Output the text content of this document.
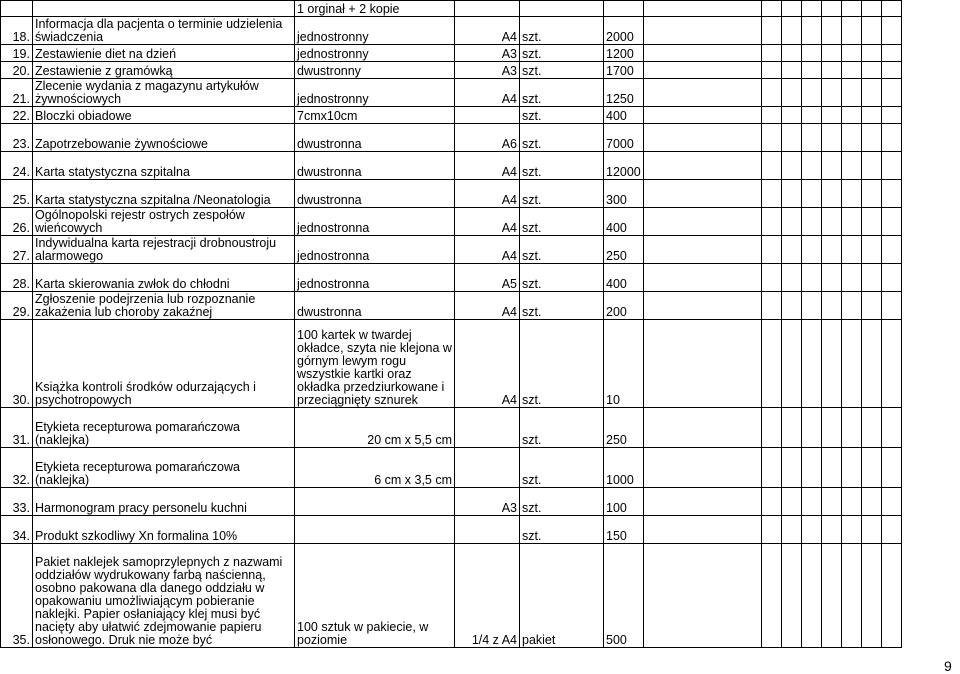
		1 orginał + 2 kopie													
18.	Informacja dla pacjenta o terminie udzielenia świadczenia	jednostronny	A4		szt.	2000									
19.	Zestawienie diet na dzień	jednostronny	A3		szt.	1200									
20.	Zestawienie z gramówką	dwustronny	A3		szt.	1700									
21.	Zlecenie wydania z magazynu artykułów żywnościowych	jednostronny	A4		szt.	1250									
22.	Bloczki obiadowe	7cmx10cm			szt.	400									
23.	Zapotrzebowanie żywnościowe	dwustronna	A6		szt.	7000									
24.	Karta statystyczna szpitalna	dwustronna	A4		szt.	12000									
25.	Karta statystyczna szpitalna /Neonatologia	dwustronna	A4		szt.	300									
26.	Ogólnopolski rejestr ostrych zespołów wieńcowych	jednostronna	A4		szt.	400									
27.	Indywidualna karta rejestracji drobnoustroju alarmowego	jednostronna	A4		szt.	250									
28.	Karta skierowania zwłok do chłodni	jednostronna	A5		szt.	400									
29.	Zgłoszenie podejrzenia lub rozpoznanie zakażenia lub choroby zakaźnej	dwustronna	A4		szt.	200									
30.	Książka kontroli środków odurzających i psychotropowych	100 kartek w twardej okładce, szyta nie klejona w górnym lewym rogu wszystkie kartki oraz okładka przedziurkowane i przeciągnięty sznurek	A4		szt.	10									
31.	Etykieta recepturowa pomarańczowa (naklejka)	20 cm x 5,5 cm			szt.	250									
32.	Etykieta recepturowa pomarańczowa (naklejka)	6 cm x 3,5 cm			szt.	1000									
33.	Harmonogram pracy personelu kuchni		A3		szt.	100									
34.	Produkt szkodliwy Xn formalina 10%				szt.	150									
35.	Pakiet naklejek samoprzylepnych z nazwami oddziałów wydrukowany farbą naścienną, osobno pakowana dla danego oddziału w opakowaniu umożliwiającym pobieranie naklejki. Papier osłaniający klej musi być nacięty aby ułatwić zdejmowanie papieru osłonowego. Druk nie może być	100 sztuk w pakiecie, w poziomie	1/4 z A4		pakiet	500									
9
